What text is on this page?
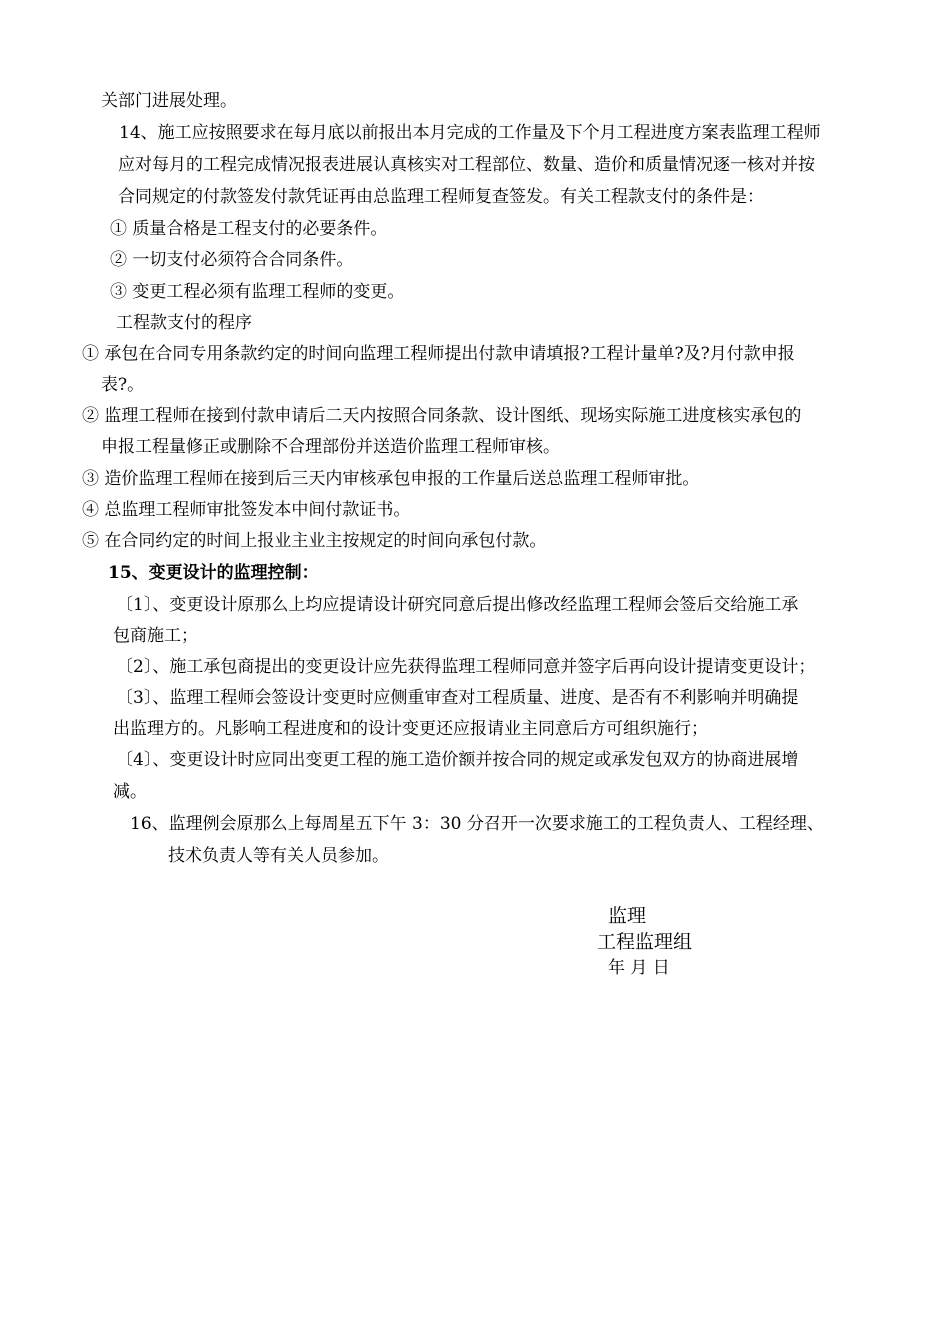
关部门进展处理。
14、施工应按照要求在每月底以前报出本月完成的工作量及下个月工程进度方案表监理工程师
应对每月的工程完成情况报表进展认真核实对工程部位、数量、造价和质量情况逐一核对并按
合同规定的付款签发付款凭证再由总监理工程师复查签发。有关工程款支付的条件是：
① 质量合格是工程支付的必要条件。
② 一切支付必须符合合同条件。
③ 变更工程必须有监理工程师的变更。
工程款支付的程序
① 承包在合同专用条款约定的时间向监理工程师提出付款申请填报?工程计量单?及?月付款申报
表?。
② 监理工程师在接到付款申请后二天内按照合同条款、设计图纸、现场实际施工进度核实承包的
申报工程量修正或删除不合理部份并送造价监理工程师审核。
③ 造价监理工程师在接到后三天内审核承包申报的工作量后送总监理工程师审批。
④ 总监理工程师审批签发本中间付款证书。
⑤ 在合同约定的时间上报业主业主按规定的时间向承包付款。
15、变更设计的监理控制：
〔1〕、变更设计原那么上均应提请设计研究同意后提出修改经监理工程师会签后交给施工承
包商施工；
〔2〕、施工承包商提出的变更设计应先获得监理工程师同意并签字后再向设计提请变更设计；
〔3〕、监理工程师会签设计变更时应侧重审查对工程质量、进度、是否有不利影响并明确提
出监理方的。凡影响工程进度和的设计变更还应报请业主同意后方可组织施行；
〔4〕、变更设计时应同出变更工程的施工造价额并按合同的规定或承发包双方的协商进展增
减。
16、监理例会原那么上每周星五下午 3：30 分召开一次要求施工的工程负责人、工程经理、
技术负责人等有关人员参加。
监理
工程监理组
年 月 日
